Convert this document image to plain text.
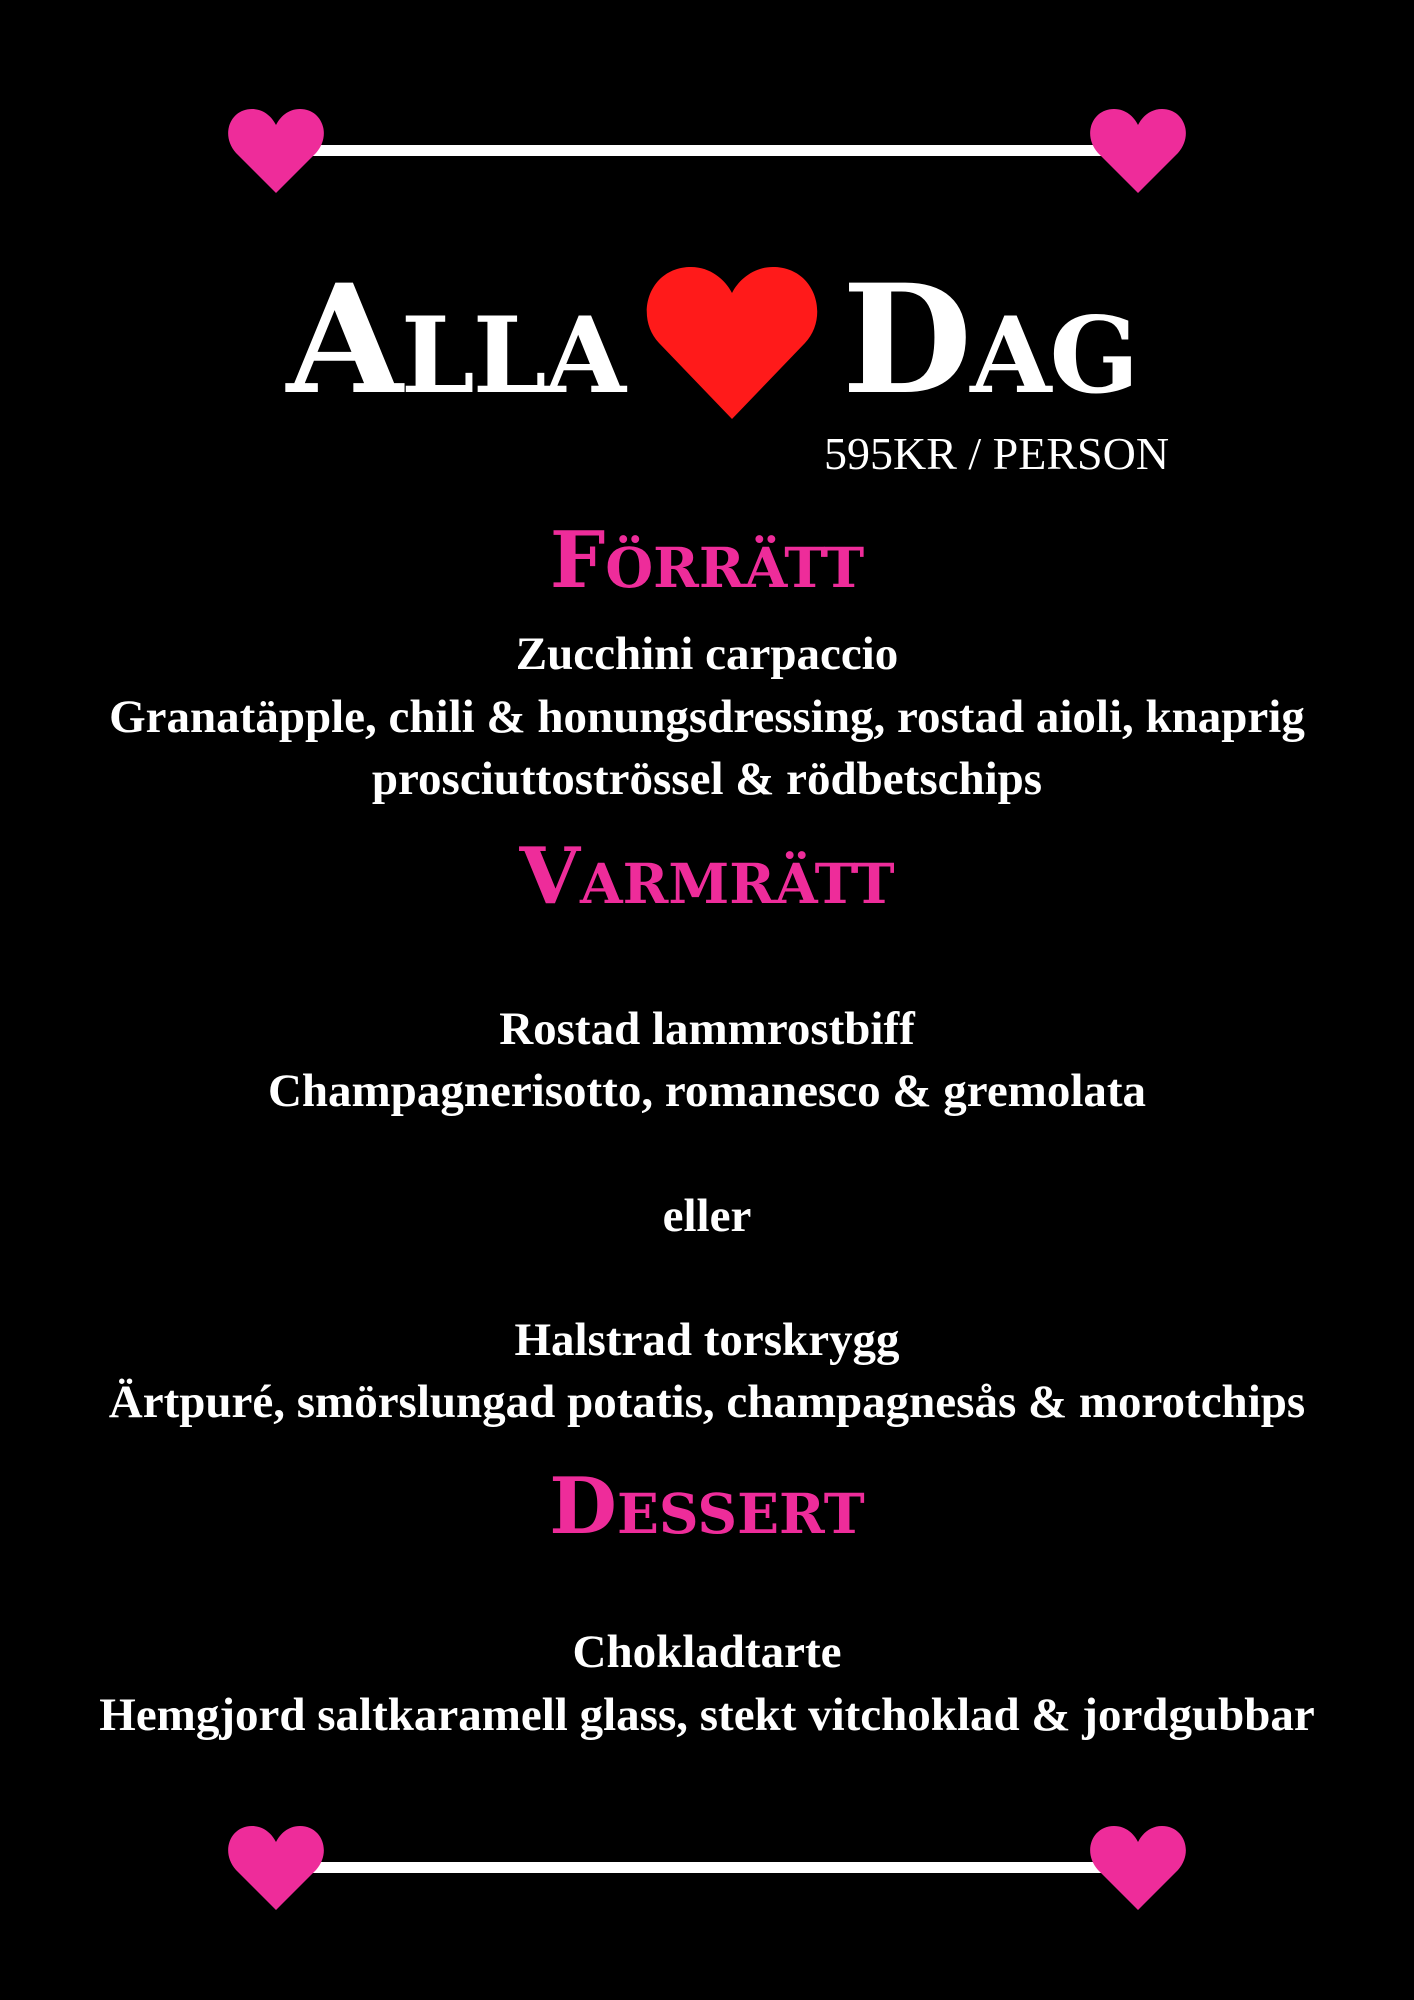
Alla Dag
595KR / PERSON
Förrätt
Zucchini carpaccio
Granatäpple, chili & honungsdressing, rostad aioli, knaprig
prosciuttoströssel & rödbetschips
Varmrätt
Rostad lammrostbiff
Champagnerisotto, romanesco & gremolata
eller
Halstrad torskrygg
Ärtpuré, smörslungad potatis, champagnesås & morotchips
Dessert
Chokladtarte
Hemgjord saltkaramell glass, stekt vitchoklad & jordgubbar
